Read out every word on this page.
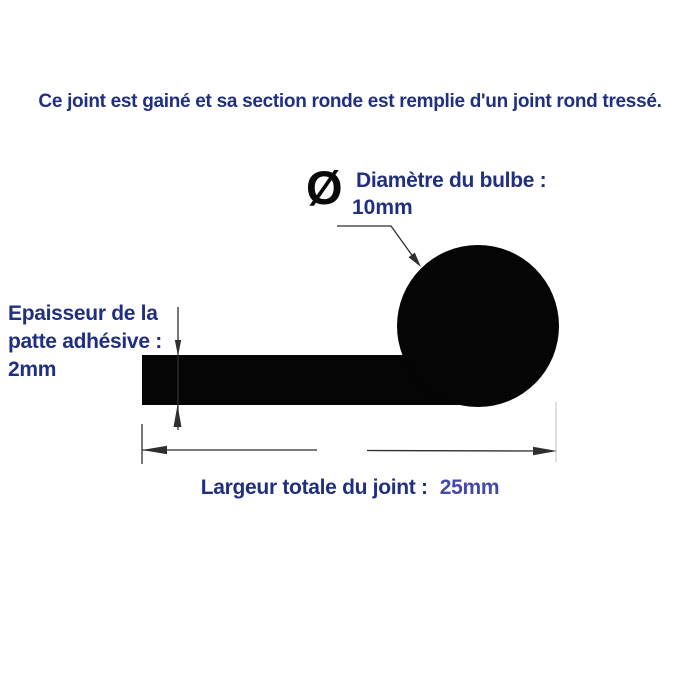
Ce joint est gainé et sa section ronde est remplie d'un joint rond tressé.
Ø Diamètre du bulbe :
10mm
Epaisseur de la
patte adhésive :
2mm
Largeur totale du joint : 25mm
